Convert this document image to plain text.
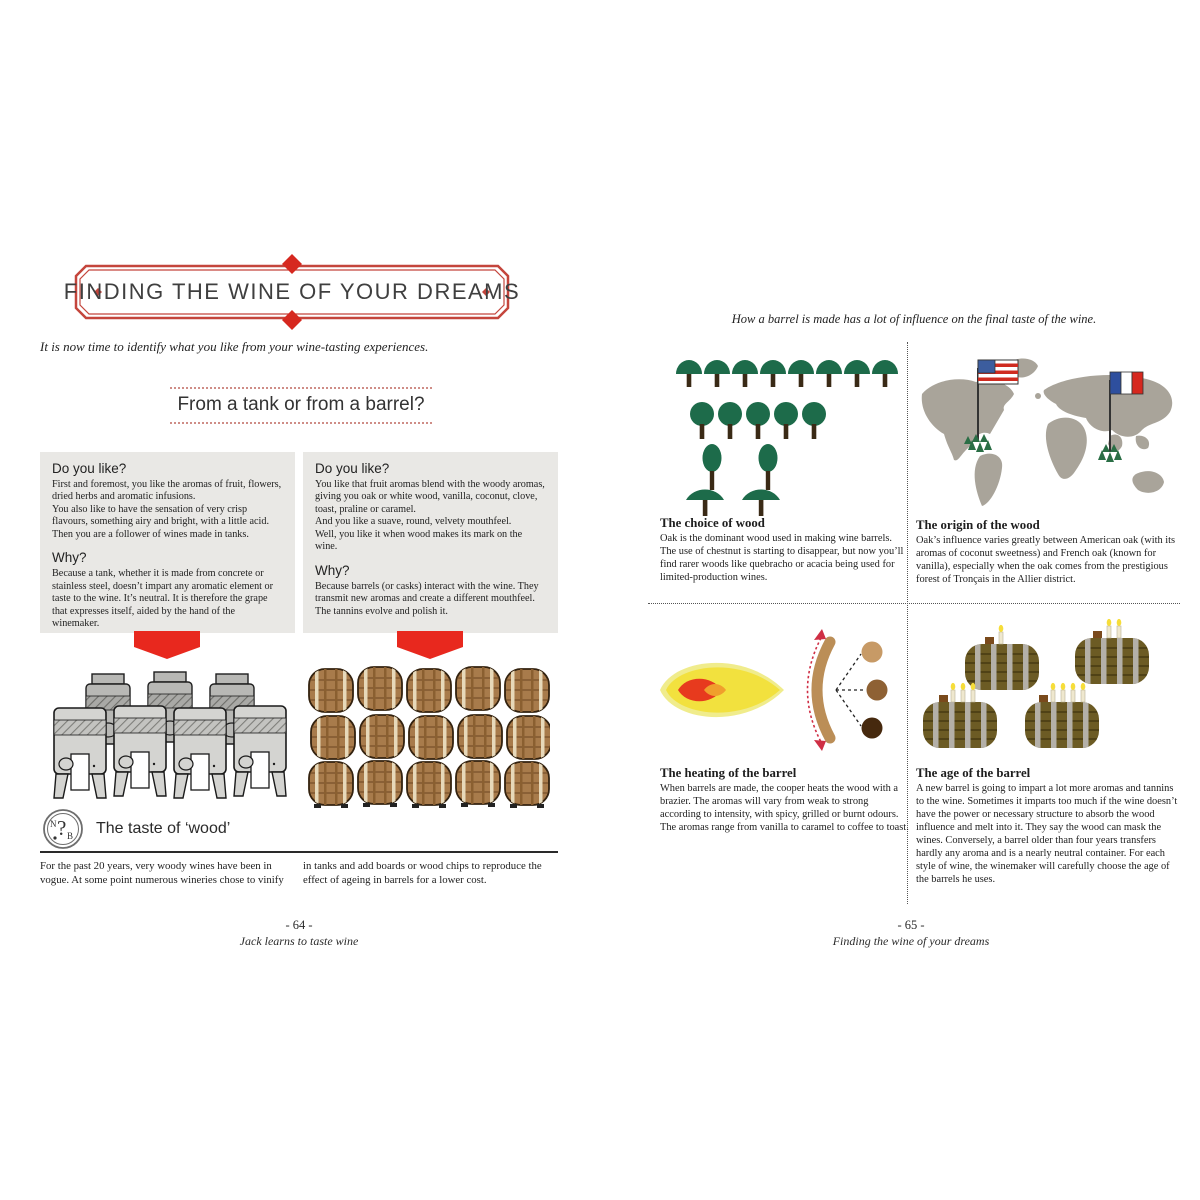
FINDING THE WINE OF YOUR DREAMS
It is now time to identify what you like from your wine-tasting experiences.
From a tank or from a barrel?
Do you like?
First and foremost, you like the aromas of fruit, flowers, dried herbs and aromatic infusions.
You also like to have the sensation of very crisp flavours, something airy and bright, with a little acid.
Then you are a follower of wines made in tanks.
Why?
Because a tank, whether it is made from concrete or stainless steel, doesn’t impart any aromatic element or taste to the wine. It’s neutral. It is therefore the grape that expresses itself, aided by the hand of the winemaker.
Do you like?
You like that fruit aromas blend with the woody aromas, giving you oak or white wood, vanilla, coconut, clove, toast, praline or caramel.
And you like a suave, round, velvety mouthfeel.
Well, you like it when wood makes its mark on the wine.
Why?
Because barrels (or casks) interact with the wine. They transmit new aromas and create a different mouthfeel. The tannins evolve and polish it.
N ? B The taste of ‘wood’
For the past 20 years, very woody wines have been in vogue. At some point numerous wineries chose to vinify
in tanks and add boards or wood chips to reproduce the effect of ageing in barrels for a lower cost.
- 64 -
Jack learns to taste wine
How a barrel is made has a lot of influence on the final taste of the wine.
The choice of wood
Oak is the dominant wood used in making wine barrels. The use of chestnut is starting to disappear, but now you’ll find rarer woods like quebracho or acacia being used for limited-production wines.
The origin of the wood
Oak’s influence varies greatly between American oak (with its aromas of coconut sweetness) and French oak (known for vanilla), especially when the oak comes from the prestigious forest of Tronçais in the Allier district.
The heating of the barrel
When barrels are made, the cooper heats the wood with a brazier. The aromas will vary from weak to strong according to intensity, with spicy, grilled or burnt odours. The aromas range from vanilla to caramel to coffee to toast.
The age of the barrel
A new barrel is going to impart a lot more aromas and tannins to the wine. Sometimes it imparts too much if the wine doesn’t have the power or necessary structure to absorb the wood influence and melt into it. They say the wood can mask the wines. Conversely, a barrel older than four years transfers hardly any aroma and is a nearly neutral container. For each style of wine, the winemaker will carefully choose the age of the barrels he uses.
- 65 -
Finding the wine of your dreams
